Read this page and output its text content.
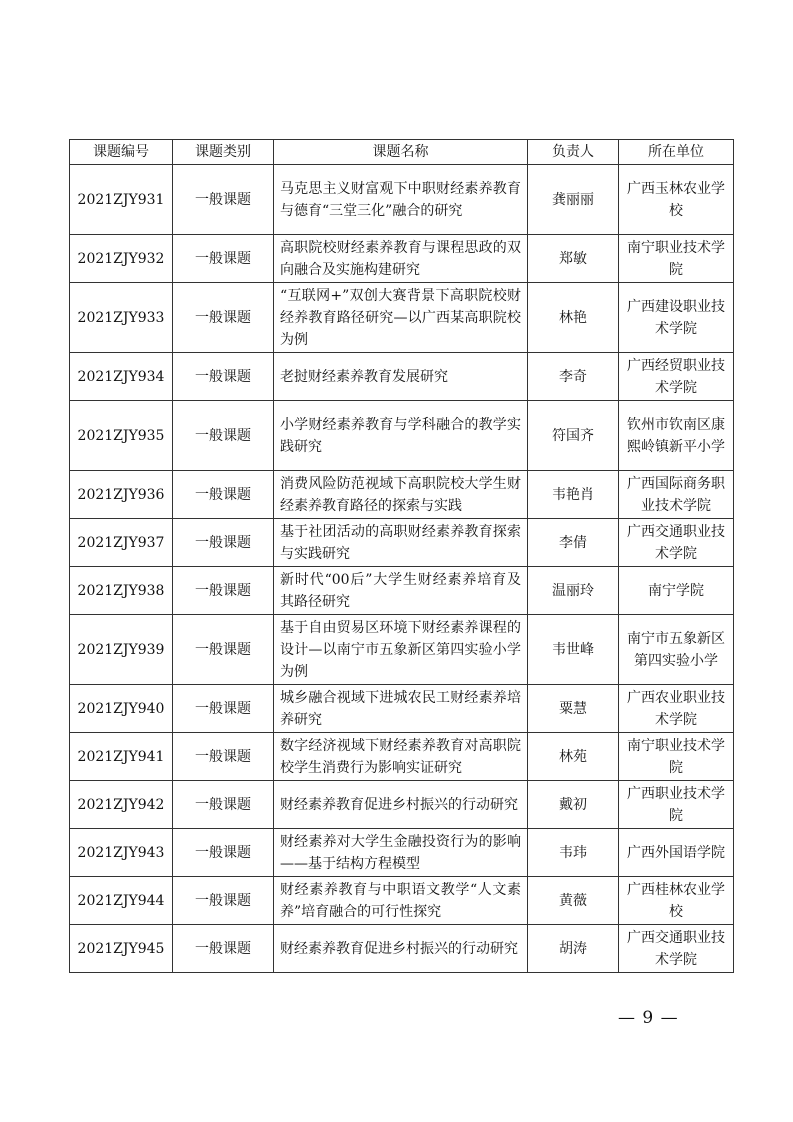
课题编号	课题类别	课题名称	负责人	所在单位
2021ZJY931	一般课题	马克思主义财富观下中职财经素养教育与德育“三堂三化”融合的研究	龚丽丽	广西玉林农业学校
2021ZJY932	一般课题	高职院校财经素养教育与课程思政的双向融合及实施构建研究	郑敏	南宁职业技术学院
2021ZJY933	一般课题	“互联网+”双创大赛背景下高职院校财经养教育路径研究—以广西某高职院校为例	林艳	广西建设职业技术学院
2021ZJY934	一般课题	老挝财经素养教育发展研究	李奇	广西经贸职业技术学院
2021ZJY935	一般课题	小学财经素养教育与学科融合的教学实践研究	符国齐	钦州市钦南区康熙岭镇新平小学
2021ZJY936	一般课题	消费风险防范视域下高职院校大学生财经素养教育路径的探索与实践	韦艳肖	广西国际商务职业技术学院
2021ZJY937	一般课题	基于社团活动的高职财经素养教育探索与实践研究	李倩	广西交通职业技术学院
2021ZJY938	一般课题	新时代“00后”大学生财经素养培育及其路径研究	温丽玲	南宁学院
2021ZJY939	一般课题	基于自由贸易区环境下财经素养课程的设计—以南宁市五象新区第四实验小学为例	韦世峰	南宁市五象新区第四实验小学
2021ZJY940	一般课题	城乡融合视域下进城农民工财经素养培养研究	粟慧	广西农业职业技术学院
2021ZJY941	一般课题	数字经济视域下财经素养教育对高职院校学生消费行为影响实证研究	林苑	南宁职业技术学院
2021ZJY942	一般课题	财经素养教育促进乡村振兴的行动研究	戴初	广西职业技术学院
2021ZJY943	一般课题	财经素养对大学生金融投资行为的影响——基于结构方程模型	韦玮	广西外国语学院
2021ZJY944	一般课题	财经素养教育与中职语文教学“人文素养”培育融合的可行性探究	黄薇	广西桂林农业学校
2021ZJY945	一般课题	财经素养教育促进乡村振兴的行动研究	胡涛	广西交通职业技术学院
— 9 —
